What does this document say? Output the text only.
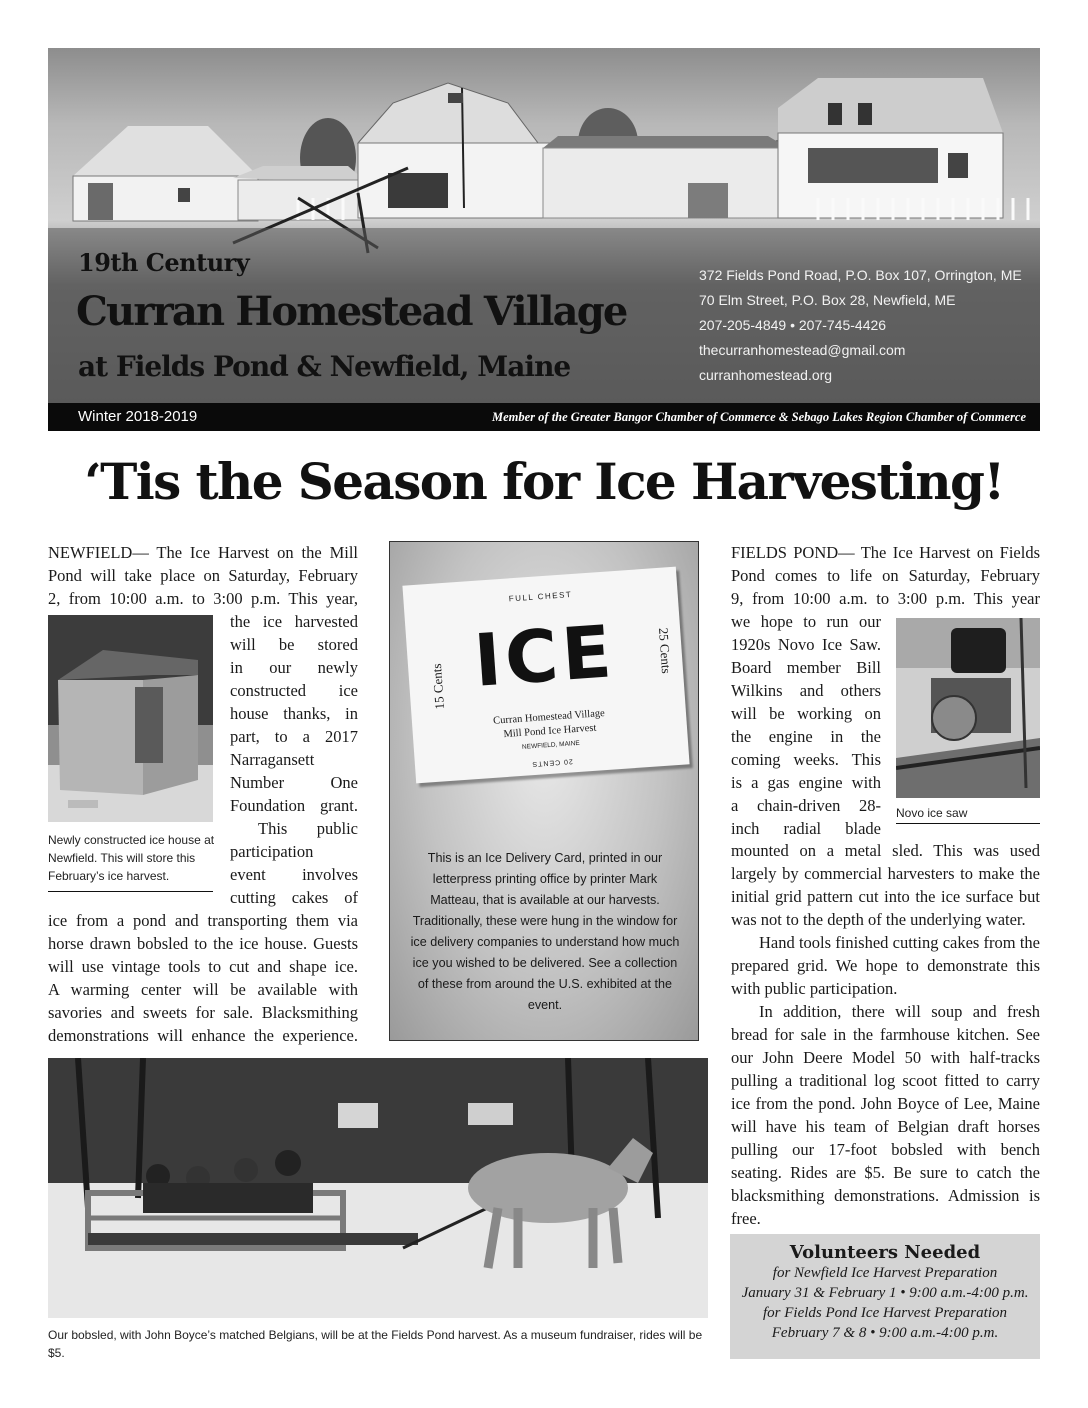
19th Century
Curran Homestead Village
at Fields Pond & Newfield, Maine
372 Fields Pond Road, P.O. Box 107, Orrington, ME
70 Elm Street, P.O. Box 28, Newfield, ME
207-205-4849 • 207-745-4426
thecurranhomestead@gmail.com
curranhomestead.org
Winter 2018-2019	Member of the Greater Bangor Chamber of Commerce & Sebago Lakes Region Chamber of Commerce
‘Tis the Season for Ice Harvesting!
NEWFIELD— The Ice Harvest on the Mill
Pond will take place on Saturday, February
2, from 10:00 a.m. to 3:00 p.m. This year,
Newly constructed ice house at Newfield. This will store this February’s ice harvest.
the ice harvested
will be stored
in our newly
constructed ice
house thanks, in
part, to a 2017
Narragansett
Number One
Foundation grant.
This public
participation
event involves
cutting cakes of
ice from a pond and transporting them via
horse drawn bobsled to the ice house. Guests
will use vintage tools to cut and shape ice.
A warming center will be available with
savories and sweets for sale. Blacksmithing
demonstrations will enhance the experience.
FULL CHEST
ICE
15 Cents
25 Cents
Curran Homestead Village
Mill Pond Ice Harvest
NEWFIELD, MAINE
20 CENTS
This is an Ice Delivery Card, printed in our letterpress printing office by printer Mark Matteau, that is available at our harvests. Traditionally, these were hung in the window for ice delivery companies to understand how much ice you wished to be delivered. See a collection of these from around the U.S. exhibited at the event.
FIELDS POND— The Ice Harvest on Fields
Pond comes to life on Saturday, February
9, from 10:00 a.m. to 3:00 p.m. This year
we hope to run our
1920s Novo Ice Saw.
Board member Bill
Wilkins and others
will be working on
the engine in the
coming weeks. This
is a gas engine with
a chain-driven 28-
inch radial blade
Novo ice saw
mounted on a metal sled. This was used largely by commercial harvesters to make the initial grid pattern cut into the ice surface but was not to the depth of the underlying water.
Hand tools finished cutting cakes from the prepared grid. We hope to demonstrate this with public participation.
In addition, there will soup and fresh bread for sale in the farmhouse kitchen. See our John Deere Model 50 with half-tracks pulling a traditional log scoot fitted to carry ice from the pond. John Boyce of Lee, Maine will have his team of Belgian draft horses pulling our 17-foot bobsled with bench seating. Rides are $5. Be sure to catch the blacksmithing demonstrations. Admission is free.
Our bobsled, with John Boyce’s matched Belgians, will be at the Fields Pond harvest. As a museum fundraiser, rides will be $5.
Volunteers Needed
for Newfield Ice Harvest Preparation
January 31 & February 1 • 9:00 a.m.-4:00 p.m.
for Fields Pond Ice Harvest Preparation
February 7 & 8 • 9:00 a.m.-4:00 p.m.
